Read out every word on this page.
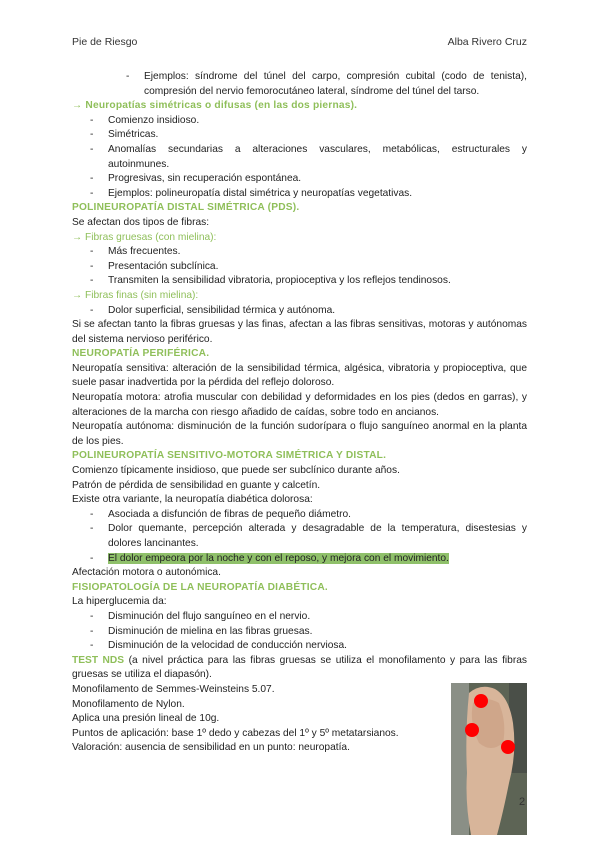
Pie de Riesgo	Alba Rivero Cruz
- Ejemplos: síndrome del túnel del carpo, compresión cubital (codo de tenista), compresión del nervio femorocutáneo lateral, síndrome del túnel del tarso.
→ Neuropatías simétricas o difusas (en las dos piernas).
- Comienzo insidioso.
- Simétricas.
- Anomalías secundarias a alteraciones vasculares, metabólicas, estructurales y autoinmunes.
- Progresivas, sin recuperación espontánea.
- Ejemplos: polineuropatía distal simétrica y neuropatías vegetativas.
POLINEUROPATÍA DISTAL SIMÉTRICA (PDS).
Se afectan dos tipos de fibras:
→ Fibras gruesas (con mielina):
- Más frecuentes.
- Presentación subclínica.
- Transmiten la sensibilidad vibratoria, propioceptiva y los reflejos tendinosos.
→ Fibras finas (sin mielina):
- Dolor superficial, sensibilidad térmica y autónoma.
Si se afectan tanto la fibras gruesas y las finas, afectan a las fibras sensitivas, motoras y autónomas del sistema nervioso periférico.
NEUROPATÍA PERIFÉRICA.
Neuropatía sensitiva: alteración de la sensibilidad térmica, algésica, vibratoria y propioceptiva, que suele pasar inadvertida por la pérdida del reflejo doloroso.
Neuropatía motora: atrofia muscular con debilidad y deformidades en los pies (dedos en garras), y alteraciones de la marcha con riesgo añadido de caídas, sobre todo en ancianos.
Neuropatía autónoma: disminución de la función sudorípara o flujo sanguíneo anormal en la planta de los pies.
POLINEUROPATÍA SENSITIVO-MOTORA SIMÉTRICA Y DISTAL.
Comienzo típicamente insidioso, que puede ser subclínico durante años.
Patrón de pérdida de sensibilidad en guante y calcetín.
Existe otra variante, la neuropatía diabética dolorosa:
- Asociada a disfunción de fibras de pequeño diámetro.
- Dolor quemante, percepción alterada y desagradable de la temperatura, disestesias y dolores lancinantes.
- El dolor empeora por la noche y con el reposo, y mejora con el movimiento.
Afectación motora o autonómica.
FISIOPATOLOGÍA DE LA NEUROPATÍA DIABÉTICA.
La hiperglucemia da:
- Disminución del flujo sanguíneo en el nervio.
- Disminución de mielina en las fibras gruesas.
- Disminución de la velocidad de conducción nerviosa.
TEST NDS (a nivel práctica para las fibras gruesas se utiliza el monofilamento y para las fibras gruesas se utiliza el diapasón).
Monofilamento de Semmes-Weinsteins 5.07.
Monofilamento de Nylon.
Aplica una presión lineal de 10g.
Puntos de aplicación: base 1º dedo y cabezas del 1º y 5º metatarsianos.
Valoración: ausencia de sensibilidad en un punto: neuropatía.
2
